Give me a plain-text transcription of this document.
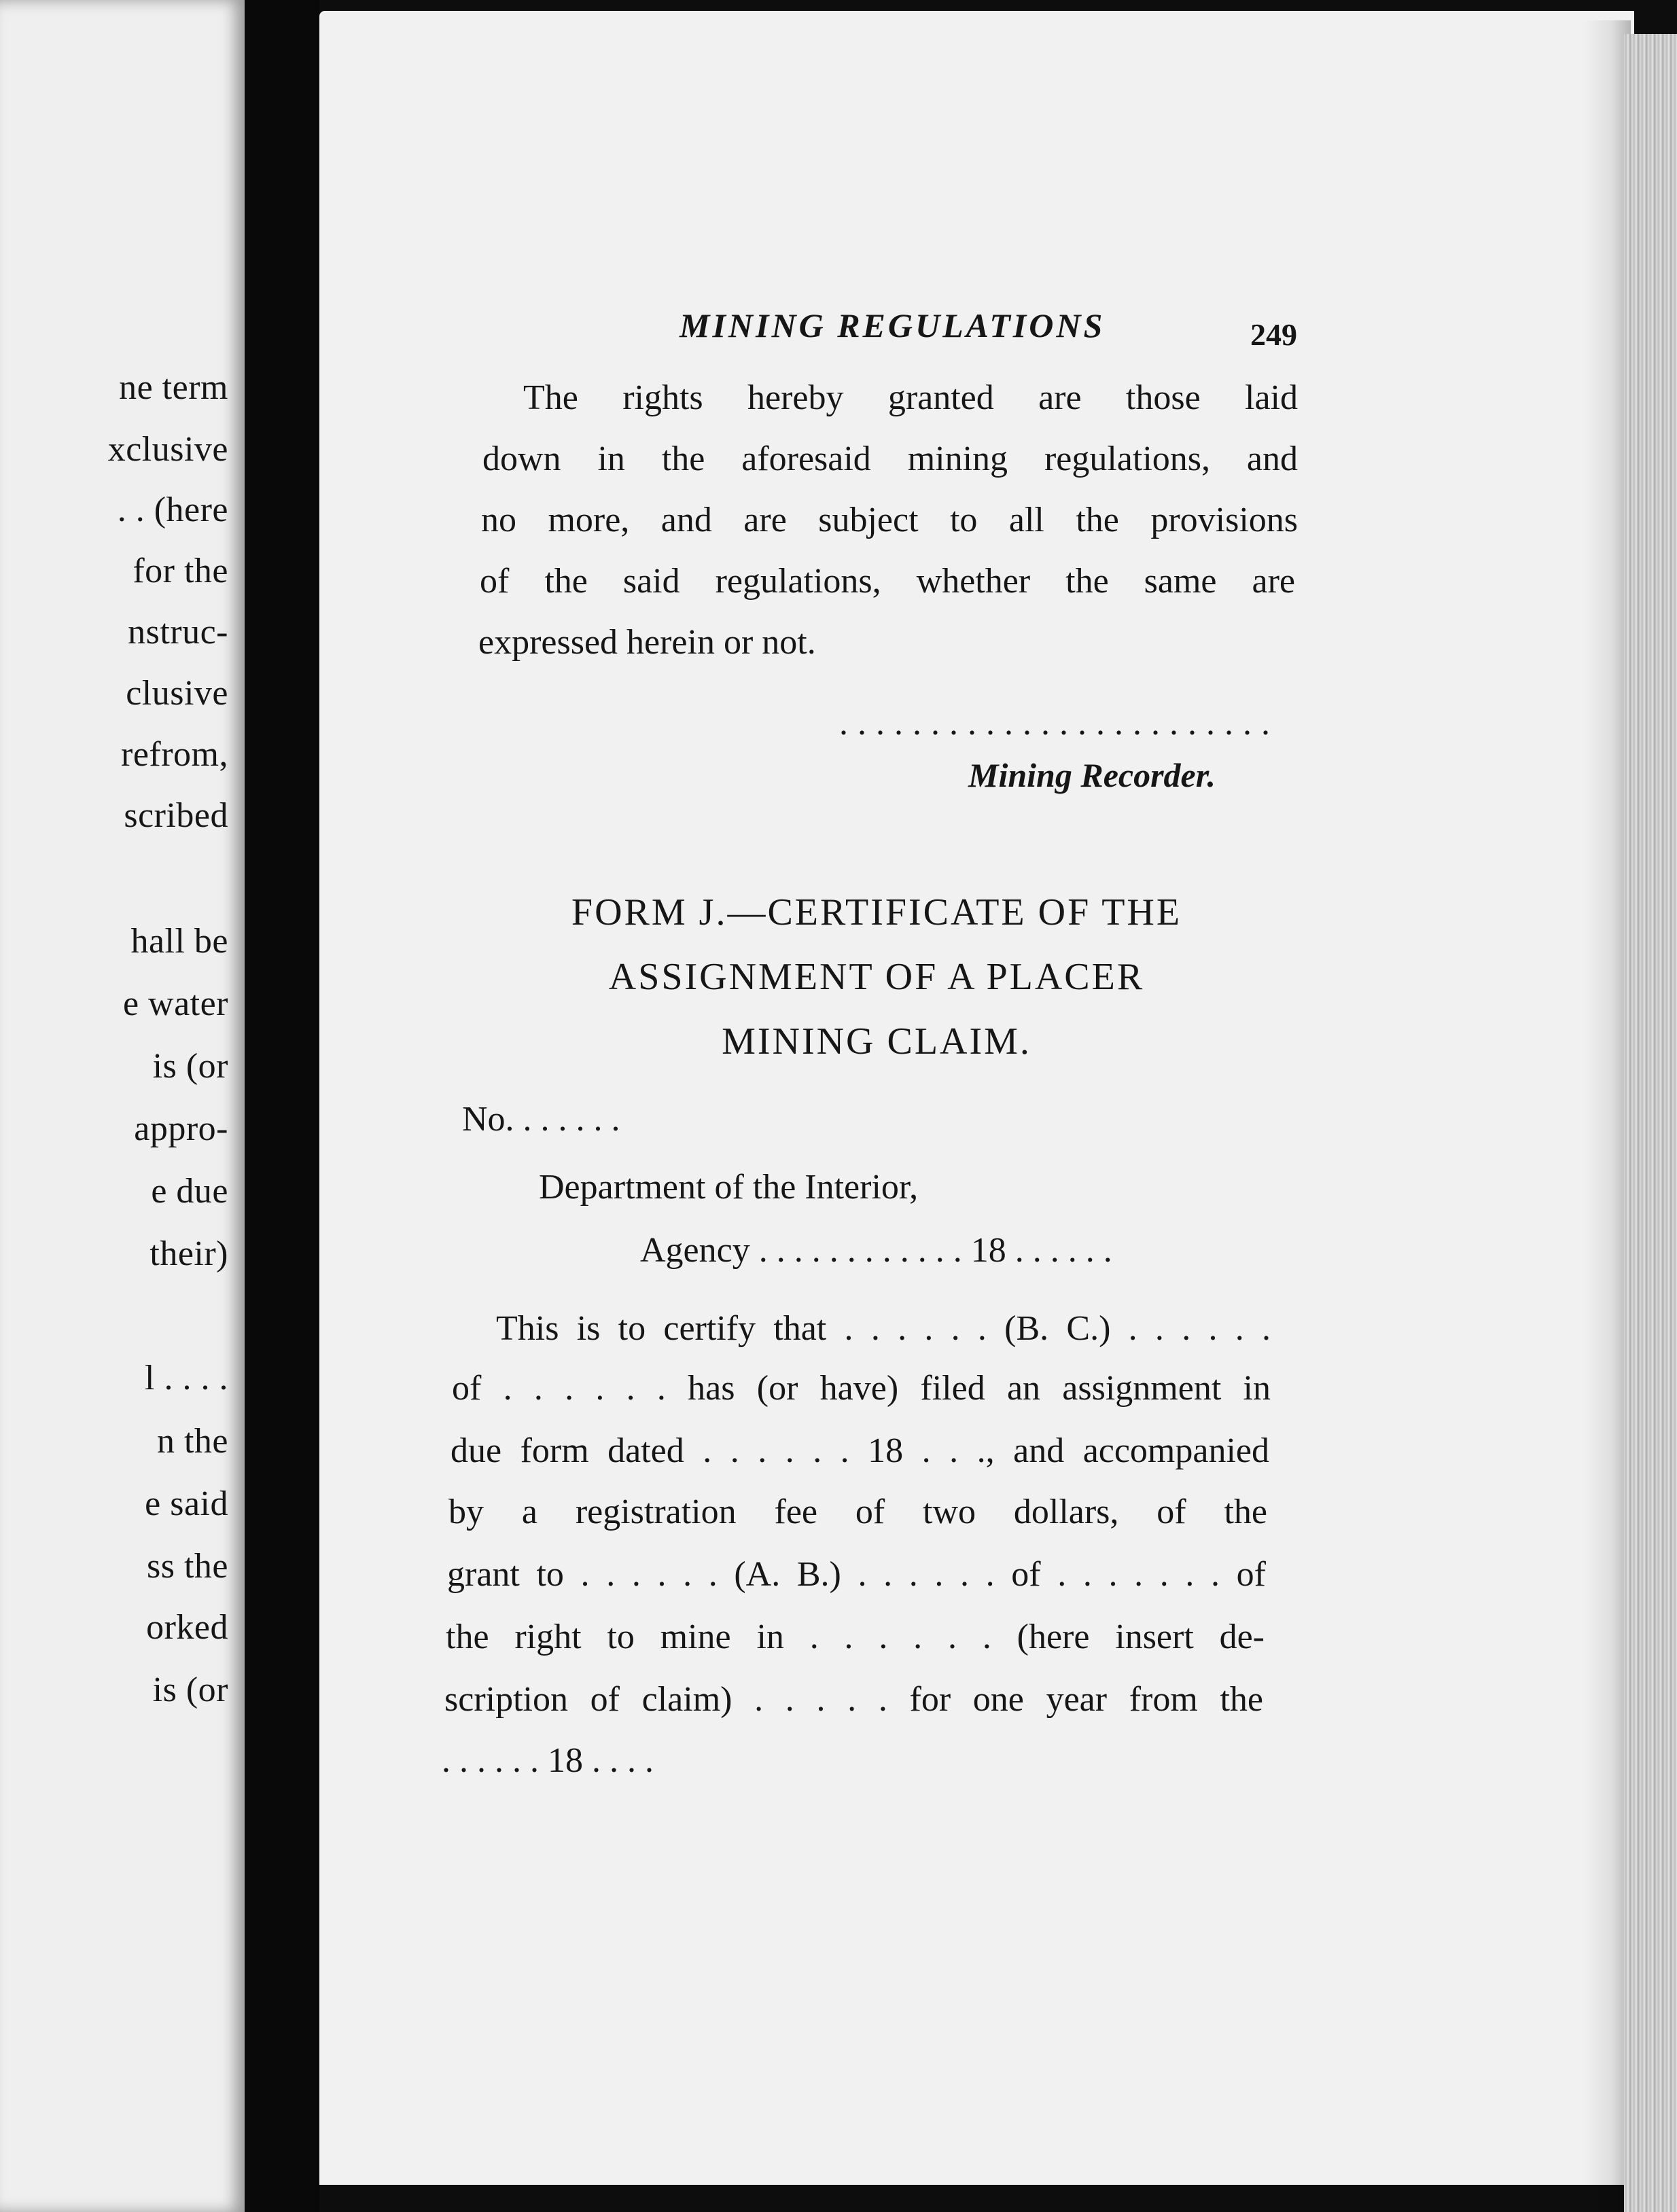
ne term
xclusive
. . (here
for the
nstruc-
clusive
refrom,
scribed
hall be
e water
is (or
appro-
e due
their)
l . . . .
n the
e said
ss the
orked
is (or
MINING REGULATIONS	249
The rights hereby granted are those laid
down in the aforesaid mining regulations, and
no more, and are subject to all the provisions
of the said regulations, whether the same are
expressed herein or not.
........................
Mining Recorder.
FORM J.—CERTIFICATE OF THE
ASSIGNMENT OF A PLACER
MINING CLAIM.
No. . . . . . .
Department of the Interior,
Agency . . . . . . . . . . . . 18 . . . . . .
This is to certify that . . . . . . (B. C.) . . . . . .
of . . . . . . has (or have) filed an assignment in
due form dated . . . . . . 18 . . ., and accompanied
by a registration fee of two dollars, of the
grant to . . . . . . (A. B.) . . . . . . of . . . . . . . of
the right to mine in . . . . . . (here insert de-
scription of claim) . . . . . for one year from the
. . . . . . 18 . . . .
